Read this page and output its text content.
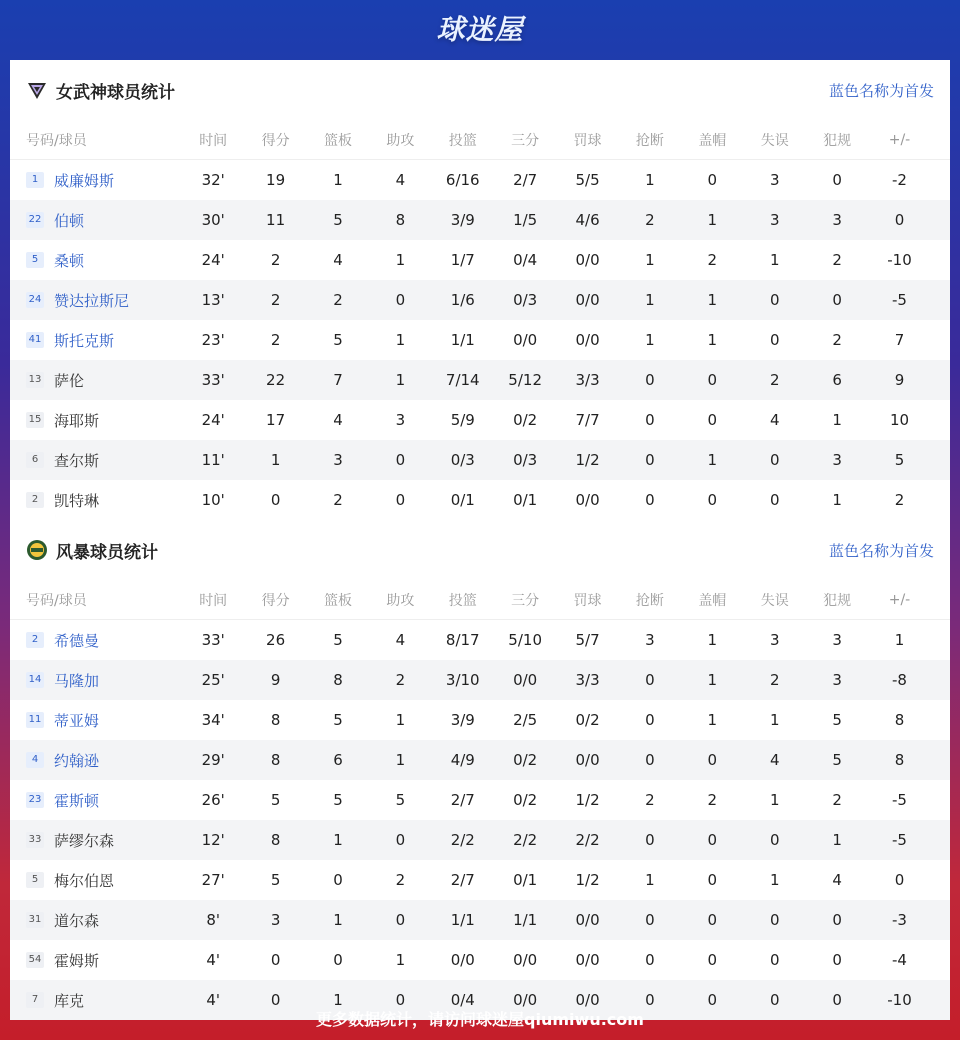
球迷屋
女武神球员统计	蓝色名称为首发
号码/球员	时间	得分	篮板	助攻	投篮	三分	罚球	抢断	盖帽	失误	犯规	+/-
1	威廉姆斯	32'	19	1	4	6/16	2/7	5/5	1	0	3	0	-2
22 伯顿	30'	11	5	8	3/9	1/5	4/6	2	1	3	3	0
5	桑顿	24'	2	4	1	1/7	0/4	0/0	1	2	1	2	-10
24 赞达拉斯尼	13'	2	2	0	1/6	0/3	0/0	1	1	0	0	-5
41 斯托克斯	23'	2	5	1	1/1	0/0	0/0	1	1	0	2	7
13 萨伦	33'	22	7	1	7/14	5/12	3/3	0	0	2	6	9
15 海耶斯	24'	17	4	3	5/9	0/2	7/7	0	0	4	1	10
6	查尔斯	11'	1	3	0	0/3	0/3	1/2	0	1	0	3	5
2	凯特琳	10'	0	2	0	0/1	0/1	0/0	0	0	0	1	2
风暴球员统计	蓝色名称为首发
号码/球员	时间	得分	篮板	助攻	投篮	三分	罚球	抢断	盖帽	失误	犯规	+/-
2	希德曼	33'	26	5	4	8/17	5/10	5/7	3	1	3	3	1
14 马隆加	25'	9	8	2	3/10	0/0	3/3	0	1	2	3	-8
11 蒂亚姆	34'	8	5	1	3/9	2/5	0/2	0	1	1	5	8
4	约翰逊	29'	8	6	1	4/9	0/2	0/0	0	0	4	5	8
23 霍斯顿	26'	5	5	5	2/7	0/2	1/2	2	2	1	2	-5
33 萨缪尔森	12'	8	1	0	2/2	2/2	2/2	0	0	0	1	-5
5	梅尔伯恩	27'	5	0	2	2/7	0/1	1/2	1	0	1	4	0
31 道尔森	8'	3	1	0	1/1	1/1	0/0	0	0	0	0	-3
54 霍姆斯	4'	0	0	1	0/0	0/0	0/0	0	0	0	0	-4
7	库克	4'	0	1	0	0/4	0/0	0/0	0	0	0	0	-10
更多数据统计，请访问球迷屋qiumiwu.com
